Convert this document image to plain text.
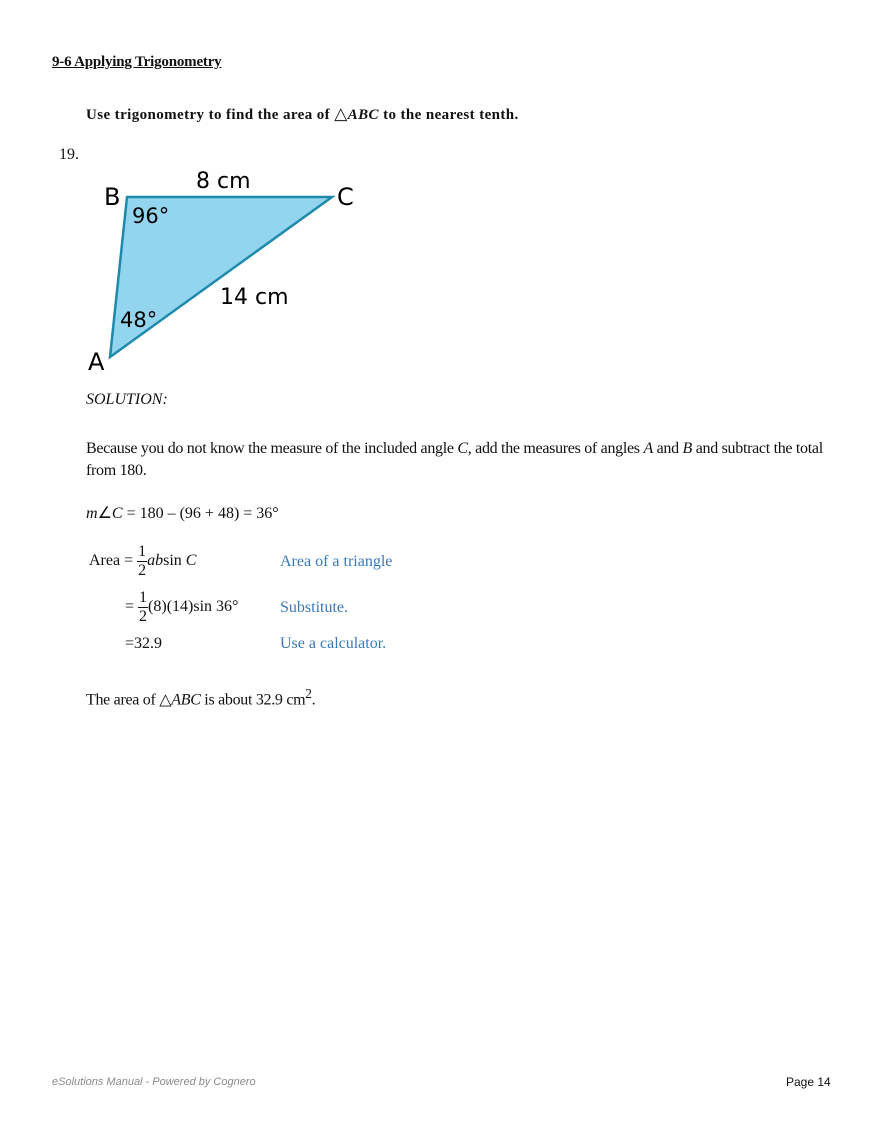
9-6 Applying Trigonometry
Use trigonometry to find the area of △ABC to the nearest tenth.
19.
B	C
A
8 cm
14 cm
96°
48°
SOLUTION:
Because you do not know the measure of the included angle C, add the measures of angles A and B and subtract the total from 180.
m∠C = 180 – (96 + 48) = 36°
Area = $\frac{1}{2}$ absin C	Area of a triangle
= $\frac{1}{2} (8)(14)\sin$ 36°	Substitute.
=32.9	Use a calculator.
The area of △ABC is about 32.9 $cm^2$.
eSolutions Manual - Powered by Cognero	Page 14
